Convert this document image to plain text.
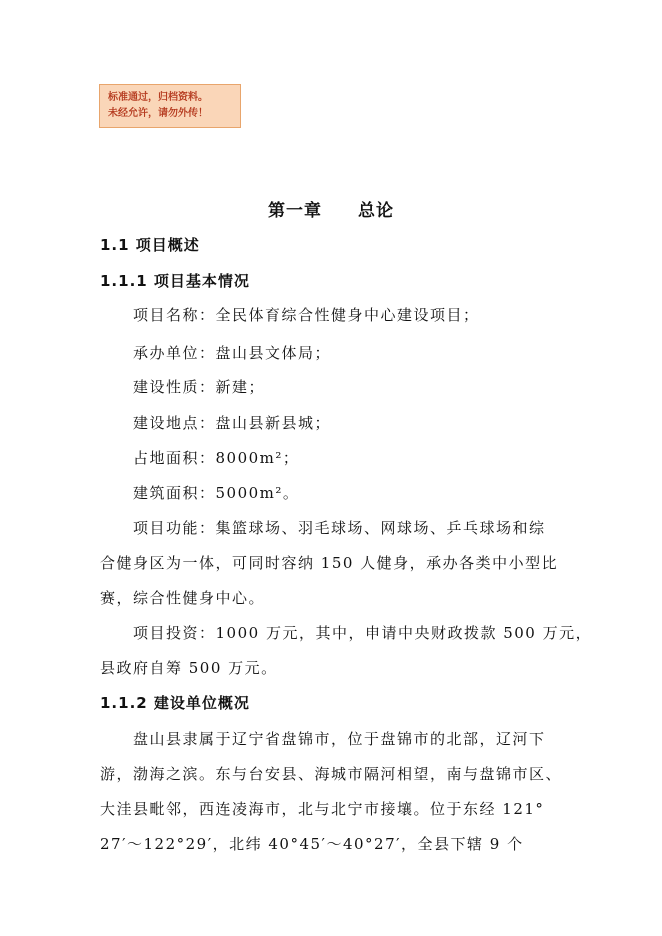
标准通过，归档资料。
未经允许，请勿外传！
第一章 总论
1.1 项目概述
1.1.1 项目基本情况
项目名称：全民体育综合性健身中心建设项目；
承办单位：盘山县文体局；
建设性质：新建；
建设地点：盘山县新县城；
占地面积：8000m²；
建筑面积：5000m²。
项目功能：集篮球场、羽毛球场、网球场、乒乓球场和综
合健身区为一体，可同时容纳 150 人健身，承办各类中小型比
赛，综合性健身中心。
项目投资：1000 万元，其中，申请中央财政拨款 500 万元，
县政府自筹 500 万元。
1.1.2 建设单位概况
盘山县隶属于辽宁省盘锦市，位于盘锦市的北部，辽河下
游，渤海之滨。东与台安县、海城市隔河相望，南与盘锦市区、
大洼县毗邻，西连凌海市，北与北宁市接壤。位于东经 121°
27′～122°29′，北纬 40°45′～40°27′，全县下辖 9 个
